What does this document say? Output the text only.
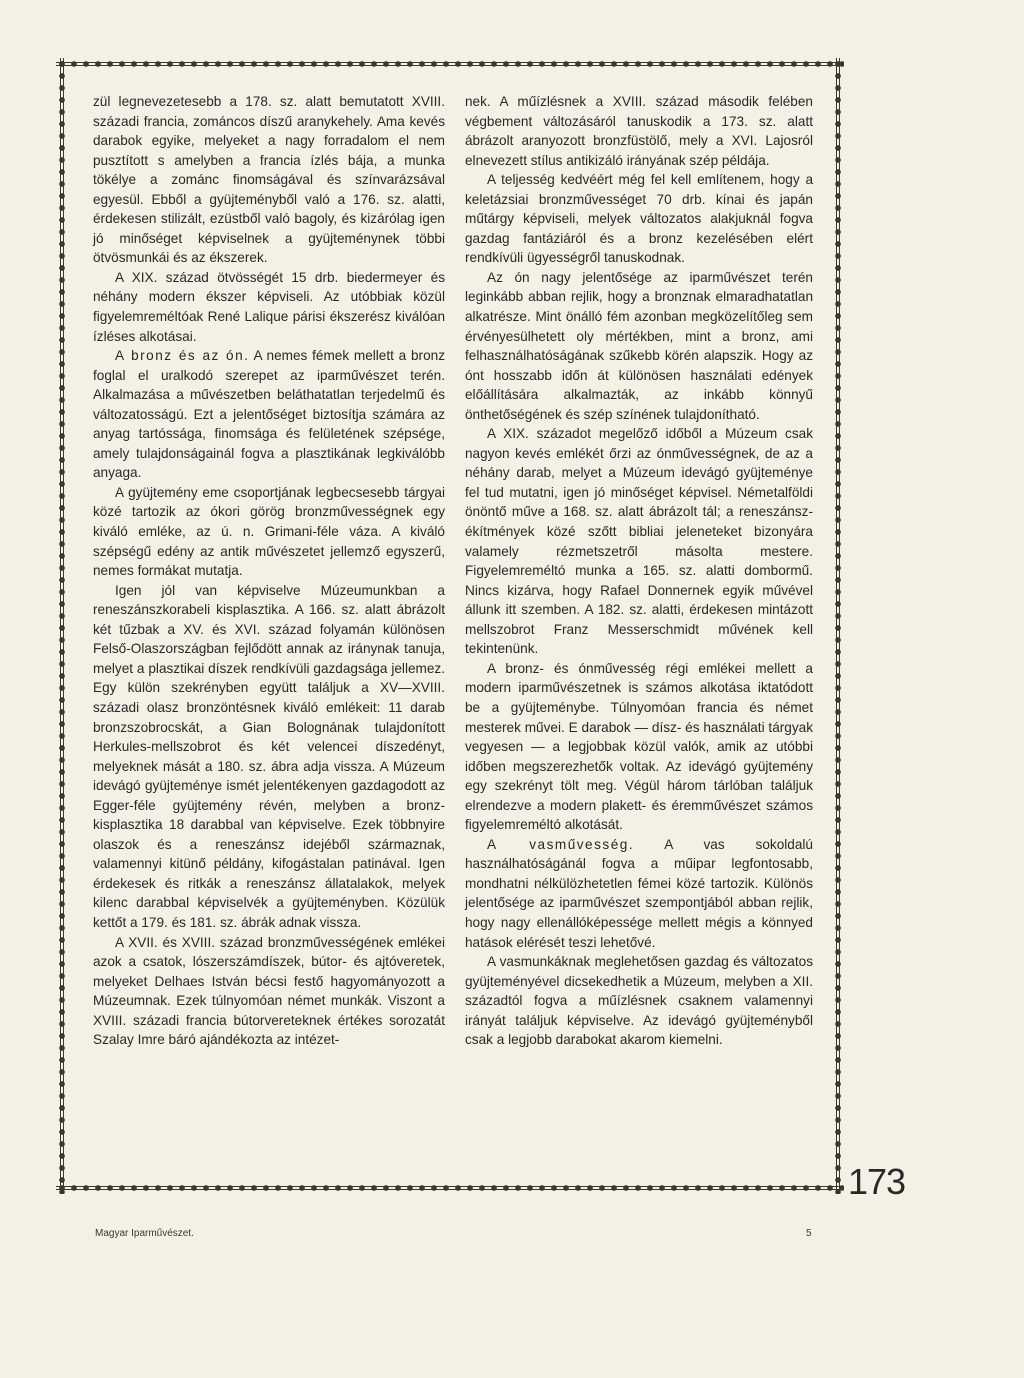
zül legnevezetesebb a 178. sz. alatt bemutatott XVIII. századi francia, zománcos díszű aranykehely. Ama kevés darabok egyike, melyeket a nagy forradalom el nem pusztított s amelyben a francia ízlés bája, a munka tökélye a zománc finomságával és színvarázsával egyesül. Ebből a gyüjteményből való a 176. sz. alatti, érdekesen stilizált, ezüstből való bagoly, és kizárólag igen jó minőséget képviselnek a gyüjteménynek többi ötvösmunkái és az ékszerek.

A XIX. század ötvösségét 15 drb. biedermeyer és néhány modern ékszer képviseli. Az utóbbiak közül figyelemreméltóak René Lalique párisi ékszerész kiválóan ízléses alkotásai.

A bronz és az ón. A nemes fémek mellett a bronz foglal el uralkodó szerepet az iparművészet terén. Alkalmazása a művészetben beláthatatlan terjedelmű és változatosságú. Ezt a jelentőséget biztosítja számára az anyag tartóssága, finomsága és felületének szépsége, amely tulajdonságainál fogva a plasztikának legkiválóbb anyaga.

A gyüjtemény eme csoportjának legbecsesebb tárgyai közé tartozik az ókori görög bronzművességnek egy kiváló emléke, az ú. n. Grimani-féle váza. A kiváló szépségű edény az antik művészetet jellemző egyszerű, nemes formákat mutatja.

Igen jól van képviselve Múzeumunkban a reneszánszkorabeli kisplasztika. A 166. sz. alatt ábrázolt két tűzbak a XV. és XVI. század folyamán különösen Felső-Olaszországban fejlődött annak az iránynak tanuja, melyet a plasztikai díszek rendkívüli gazdagsága jellemez. Egy külön szekrényben együtt találjuk a XV—XVIII. századi olasz bronzöntésnek kiváló emlékeit: 11 darab bronzszobrocskát, a Gian Bolognának tulajdonított Herkules-mellszobrot és két velencei díszedényt, melyeknek mását a 180. sz. ábra adja vissza. A Múzeum idevágó gyüjteménye ismét jelentékenyen gazdagodott az Egger-féle gyüjtemény révén, melyben a bronz-kisplasztika 18 darabbal van képviselve. Ezek többnyire olaszok és a reneszánsz idejéből származnak, valamennyi kitünő példány, kifogástalan patinával. Igen érdekesek és ritkák a reneszánsz állatalakok, melyek kilenc darabbal képviselvék a gyüjteményben. Közülük kettőt a 179. és 181. sz. ábrák adnak vissza.

A XVII. és XVIII. század bronzművességének emlékei azok a csatok, lószerszámdíszek, bútor- és ajtóveretek, melyeket Delhaes István bécsi festő hagyományozott a Múzeumnak. Ezek túlnyomóan német munkák. Viszont a XVIII. századi francia bútorvereteknek értékes sorozatát Szalay Imre báró ajándékozta az intézet-

nek. A műízlésnek a XVIII. század második felében végbement változásáról tanuskodik a 173. sz. alatt ábrázolt aranyozott bronzfüstölő, mely a XVI. Lajosról elnevezett stílus antikizáló irányának szép példája.

A teljesség kedvéért még fel kell említenem, hogy a keletázsiai bronzművességet 70 drb. kínai és japán műtárgy képviseli, melyek változatos alakjuknál fogva gazdag fantáziáról és a bronz kezelésében elért rendkívüli ügyességről tanuskodnak.

Az ón nagy jelentősége az iparművészet terén leginkább abban rejlik, hogy a bronznak elmaradhatatlan alkatrésze. Mint önálló fém azonban megközelítőleg sem érvényesülhetett oly mértékben, mint a bronz, ami felhasználhatóságának szűkebb körén alapszik. Hogy az ónt hosszabb időn át különösen használati edények előállítására alkalmazták, az inkább könnyű önthetőségének és szép színének tulajdonítható.

A XIX. századot megelőző időből a Múzeum csak nagyon kevés emlékét őrzi az ónművességnek, de az a néhány darab, melyet a Múzeum idevágó gyüjteménye fel tud mutatni, igen jó minőséget képvisel. Németalföldi önöntő műve a 168. sz. alatt ábrázolt tál; a reneszánsz-ékítmények közé szőtt bibliai jeleneteket bizonyára valamely rézmetszetről másolta mestere. Figyelemreméltó munka a 165. sz. alatti dombormű. Nincs kizárva, hogy Rafael Donnernek egyik művével állunk itt szemben. A 182. sz. alatti, érdekesen mintázott mellszobrot Franz Messerschmidt művének kell tekintenünk.

A bronz- és ónművesség régi emlékei mellett a modern iparművészetnek is számos alkotása iktatódott be a gyüjteménybe. Túlnyomóan francia és német mesterek művei. E darabok — dísz- és használati tárgyak vegyesen — a legjobbak közül valók, amik az utóbbi időben megszerezhetők voltak. Az idevágó gyüjtemény egy szekrényt tölt meg. Végül három tárlóban találjuk elrendezve a modern plakett- és éremművészet számos figyelemreméltó alkotását.

A vasművesség. A vas sokoldalú használhatóságánál fogva a műipar legfontosabb, mondhatni nélkülözhetetlen fémei közé tartozik. Különös jelentősége az iparművészet szempontjából abban rejlik, hogy nagy ellenállóképessége mellett mégis a könnyed hatások elérését teszi lehetővé.

A vasmunkáknak meglehetősen gazdag és változatos gyüjteményével dicsekedhetik a Múzeum, melyben a XII. századtól fogva a műízlésnek csaknem valamennyi irányát találjuk képviselve. Az idevágó gyüjteményből csak a legjobb darabokat akarom kiemelni.

173
Magyar Iparművészet.	5
